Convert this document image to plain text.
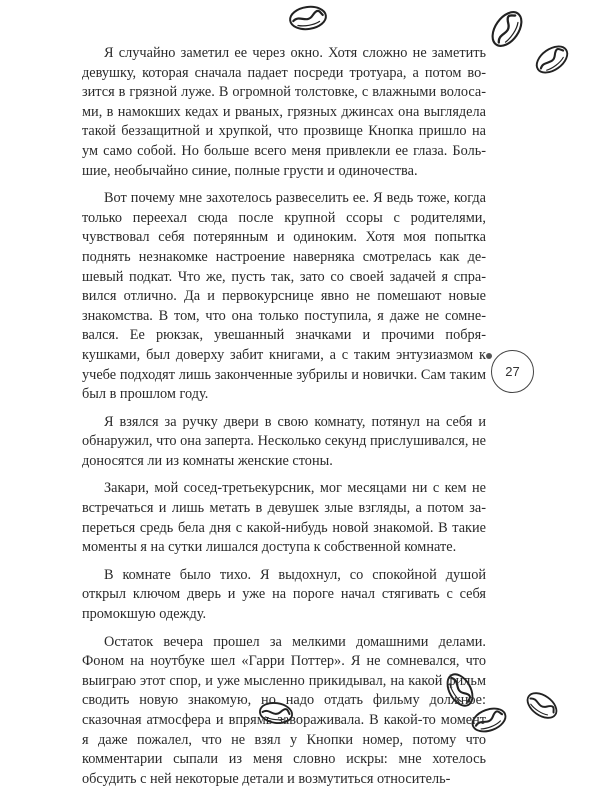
Я случайно заметил ее через окно. Хотя сложно не заметить девушку, которая сначала падает посреди тротуара, а потом возится в грязной луже. В огромной толстовке, с влажными волосами, в намокших кедах и рваных, грязных джинсах она выглядела такой беззащитной и хрупкой, что прозвище Кнопка пришло на ум само собой. Но больше всего меня привлекли ее глаза. Большие, необычайно синие, полные грусти и одиночества.

Вот почему мне захотелось развеселить ее. Я ведь тоже, когда только переехал сюда после крупной ссоры с родителями, чувствовал себя потерянным и одиноким. Хотя моя попытка поднять незнакомке настроение наверняка смотрелась как дешевый подкат. Что же, пусть так, зато со своей задачей я справился отлично. Да и первокурснице явно не помешают новые знакомства. В том, что она только поступила, я даже не сомневался. Ее рюкзак, увешанный значками и прочими побрякушками, был доверху забит книгами, а с таким энтузиазмом к учебе подходят лишь законченные зубрилы и новички. Сам таким был в прошлом году.

Я взялся за ручку двери в свою комнату, потянул на себя и обнаружил, что она заперта. Несколько секунд прислушивался, не доносятся ли из комнаты женские стоны.

Закари, мой сосед-третьекурсник, мог месяцами ни с кем не встречаться и лишь метать в девушек злые взгляды, а потом запереться средь бела дня с какой-нибудь новой знакомой. В такие моменты я на сутки лишался доступа к собственной комнате.

В комнате было тихо. Я выдохнул, со спокойной душой открыл ключом дверь и уже на пороге начал стягивать с себя промокшую одежду.

Остаток вечера прошел за мелкими домашними делами. Фоном на ноутбуке шел «Гарри Поттер». Я не сомневался, что выиграю этот спор, и уже мысленно прикидывал, на какой фильм сводить новую знакомую, но надо отдать фильму должное: сказочная атмосфера и впрямь завораживала. В какой-то момент я даже пожалел, что не взял у Кнопки номер, потому что комментарии сыпали из меня словно искры: мне хотелось обсудить с ней некоторые детали и возмутиться относитель-

27
